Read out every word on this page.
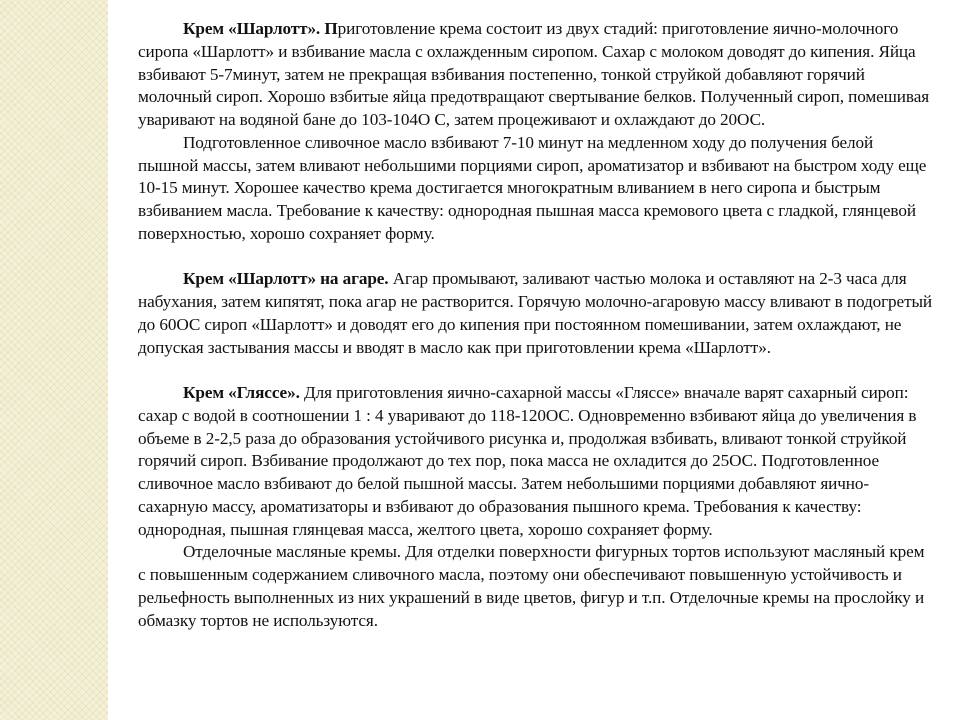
Крем «Шарлотт». Приготовление крема состоит из двух стадий: приготовление яично-молочного сиропа «Шарлотт» и взбивание масла с охлажденным сиропом. Сахар с молоком доводят до кипения. Яйца взбивают 5-7минут, затем не прекращая взбивания постепенно, тонкой струйкой добавляют горячий молочный сироп. Хорошо взбитые яйца предотвращают свертывание белков. Полученный сироп, помешивая уваривают на водяной бане до 103-104О С, затем процеживают и охлаждают до 20ОС.

Подготовленное сливочное масло взбивают 7-10 минут на медленном ходу до получения белой пышной массы, затем вливают небольшими порциями сироп, ароматизатор и взбивают на быстром ходу еще 10-15 минут. Хорошее качество крема достигается многократным вливанием в него сиропа и быстрым взбиванием масла. Требование к качеству: однородная пышная масса кремового цвета с гладкой, глянцевой поверхностью, хорошо сохраняет форму.

Крем «Шарлотт» на агаре. Агар промывают, заливают частью молока и оставляют на 2-3 часа для набухания, затем кипятят, пока агар не растворится. Горячую молочно-агаровую массу вливают в подогретый до 60ОС сироп «Шарлотт» и доводят его до кипения при постоянном помешивании, затем охлаждают, не допуская застывания массы и вводят в масло как при приготовлении крема «Шарлотт».

Крем «Гляссе». Для приготовления яично-сахарной массы «Гляссе» вначале варят сахарный сироп: сахар с водой в соотношении 1 : 4 уваривают до 118-120ОС. Одновременно взбивают яйца до увеличения в объеме в 2-2,5 раза до образования устойчивого рисунка и, продолжая взбивать, вливают тонкой струйкой горячий сироп. Взбивание продолжают до тех пор, пока масса не охладится до 25ОС. Подготовленное сливочное масло взбивают до белой пышной массы. Затем небольшими порциями добавляют яично-сахарную массу, ароматизаторы и взбивают до образования пышного крема. Требования к качеству: однородная, пышная глянцевая масса, желтого цвета, хорошо сохраняет форму.

Отделочные масляные кремы. Для отделки поверхности фигурных тортов используют масляный крем с повышенным содержанием сливочного масла, поэтому они обеспечивают повышенную устойчивость и рельефность выполненных из них украшений в виде цветов, фигур и т.п. Отделочные кремы на прослойку и обмазку тортов не используются.
